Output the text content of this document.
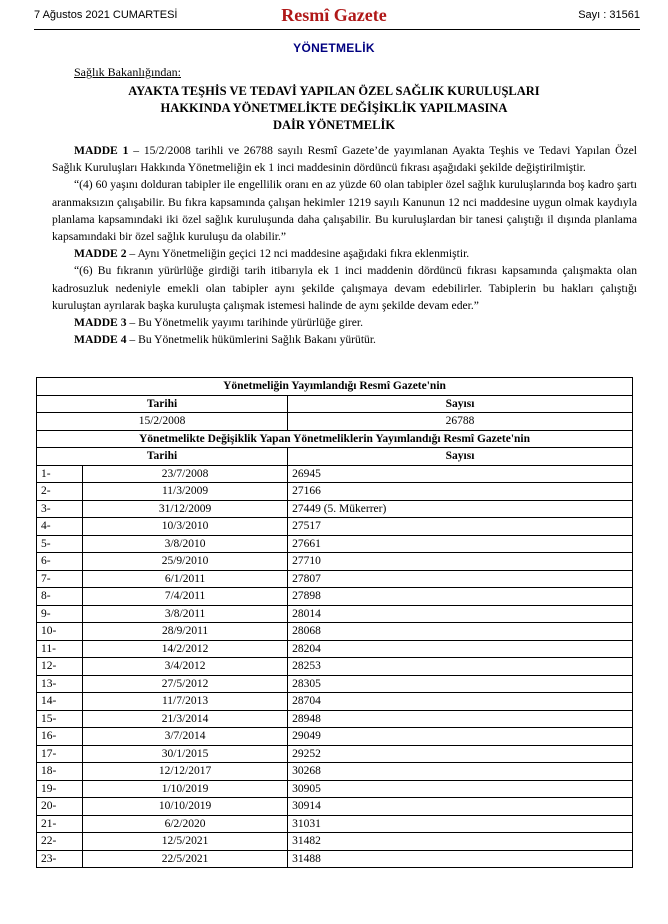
7 Ağustos 2021 CUMARTESİ	Resmî Gazete	Sayı : 31561
YÖNETMELİK
Sağlık Bakanlığından:
AYAKTA TEŞHİS VE TEDAVİ YAPILAN ÖZEL SAĞLIK KURULUŞLARI
HAKKINDA YÖNETMELİKTE DEĞİŞİKLİK YAPILMASINA
DAİR YÖNETMELİK

MADDE 1 – 15/2/2008 tarihli ve 26788 sayılı Resmî Gazete’de yayımlanan Ayakta Teşhis ve Tedavi Yapılan Özel Sağlık Kuruluşları Hakkında Yönetmeliğin ek 1 inci maddesinin dördüncü fıkrası aşağıdaki şekilde değiştirilmiştir.

“(4) 60 yaşını dolduran tabipler ile engellilik oranı en az yüzde 60 olan tabipler özel sağlık kuruluşlarında boş kadro şartı aranmaksızın çalışabilir. Bu fıkra kapsamında çalışan hekimler 1219 sayılı Kanunun 12 nci maddesine uygun olmak kaydıyla planlama kapsamındaki iki özel sağlık kuruluşunda daha çalışabilir. Bu kuruluşlardan bir tanesi çalıştığı il dışında planlama kapsamındaki bir özel sağlık kuruluşu da olabilir.”

MADDE 2 – Aynı Yönetmeliğin geçici 12 nci maddesine aşağıdaki fıkra eklenmiştir.

“(6) Bu fıkranın yürürlüğe girdiği tarih itibarıyla ek 1 inci maddenin dördüncü fıkrası kapsamında çalışmakta olan kadrosuzluk nedeniyle emekli olan tabipler aynı şekilde çalışmaya devam edebilirler. Tabiplerin bu hakları çalıştığı kuruluştan ayrılarak başka kuruluşta çalışmak istemesi halinde de aynı şekilde devam eder.”

MADDE 3 – Bu Yönetmelik yayımı tarihinde yürürlüğe girer.

MADDE 4 – Bu Yönetmelik hükümlerini Sağlık Bakanı yürütür.

Yönetmeliğin Yayımlandığı Resmî Gazete'nin		
Tarihi		Sayısı
15/2/2008		26788
Yönetmelikte Değişiklik Yapan Yönetmeliklerin Yayımlandığı Resmî Gazete'nin		
Tarihi		Sayısı
1-	23/7/2008	26945
2-	11/3/2009	27166
3-	31/12/2009	27449 (5. Mükerrer)
4-	10/3/2010	27517
5-	3/8/2010	27661
6-	25/9/2010	27710
7-	6/1/2011	27807
8-	7/4/2011	27898
9-	3/8/2011	28014
10-	28/9/2011	28068
11-	14/2/2012	28204
12-	3/4/2012	28253
13-	27/5/2012	28305
14-	11/7/2013	28704
15-	21/3/2014	28948
16-	3/7/2014	29049
17-	30/1/2015	29252
18-	12/12/2017	30268
19-	1/10/2019	30905
20-	10/10/2019	30914
21-	6/2/2020	31031
22-	12/5/2021	31482
23-	22/5/2021	31488
